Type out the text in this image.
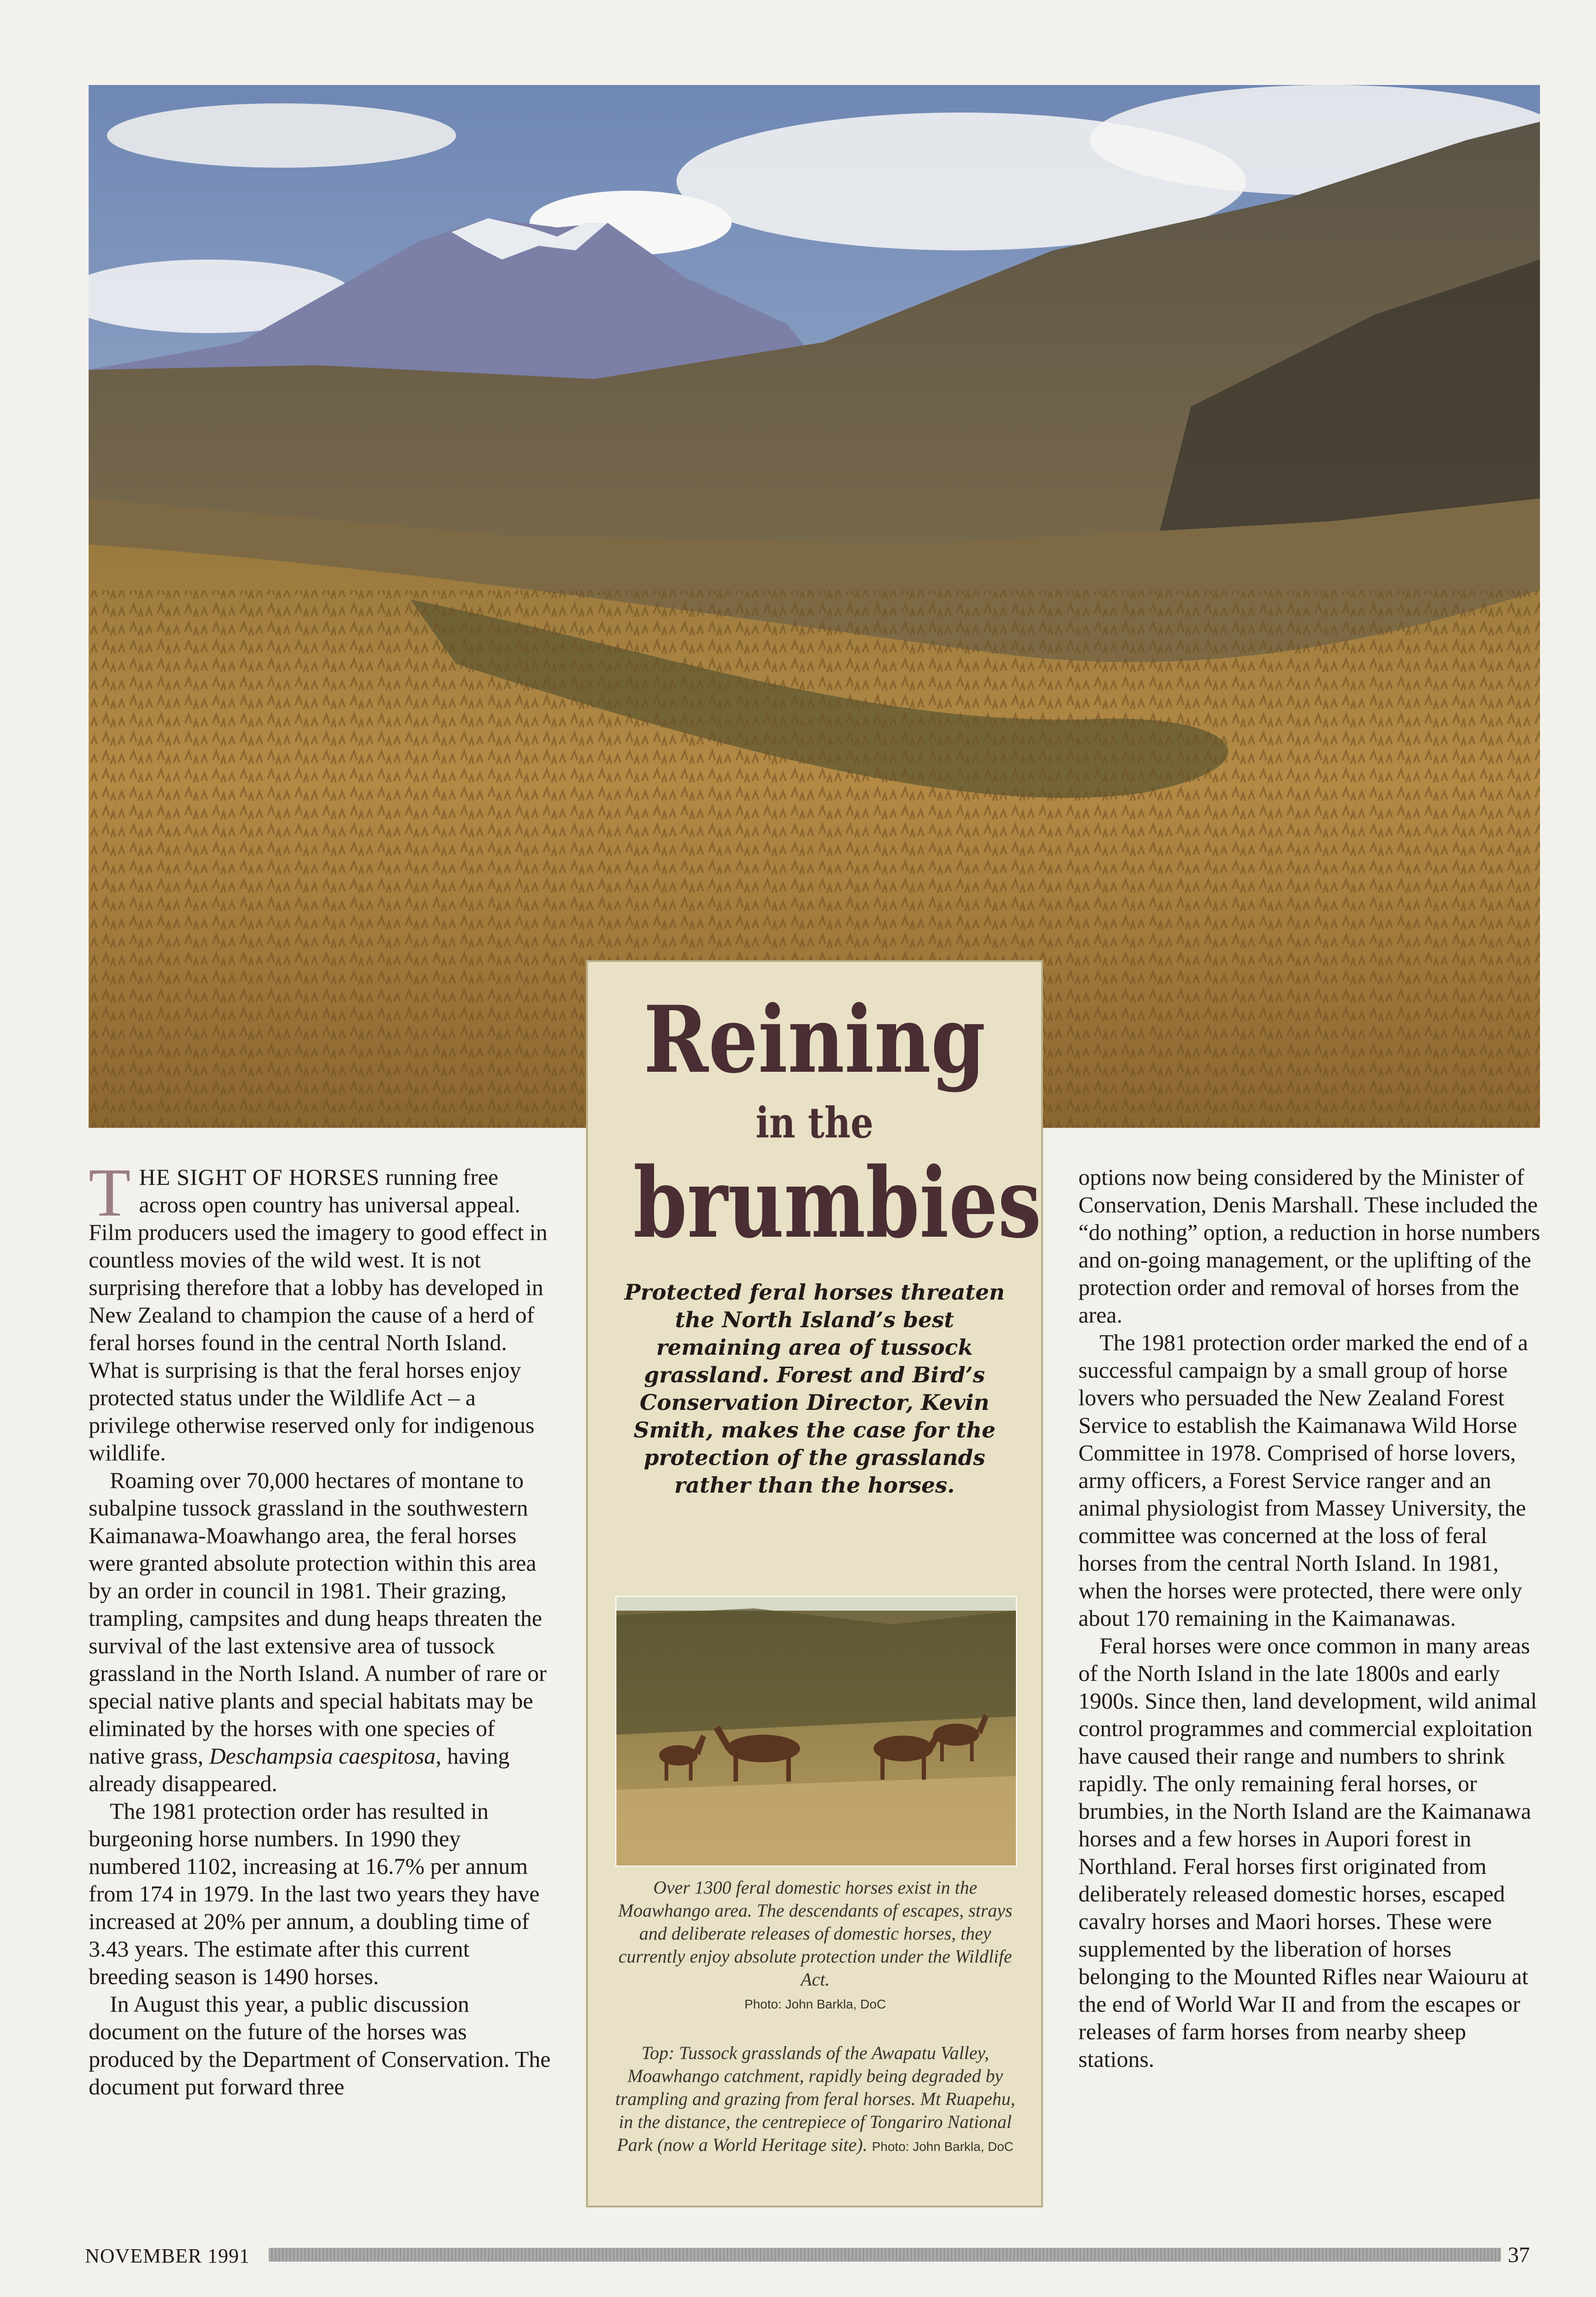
THE SIGHT OF HORSES running free across open country has universal appeal. Film producers used the imagery to good effect in countless movies of the wild west. It is not surprising therefore that a lobby has developed in New Zealand to champion the cause of a herd of feral horses found in the central North Island. What is surprising is that the feral horses enjoy protected status under the Wildlife Act – a privilege otherwise reserved only for indigenous wildlife.

Roaming over 70,000 hectares of montane to subalpine tussock grassland in the southwestern Kaimanawa-Moawhango area, the feral horses were granted absolute protection within this area by an order in council in 1981. Their grazing, trampling, campsites and dung heaps threaten the survival of the last extensive area of tussock grassland in the North Island. A number of rare or special native plants and special habitats may be eliminated by the horses with one species of native grass, Deschampsia caespitosa, having already disappeared.

The 1981 protection order has resulted in burgeoning horse numbers. In 1990 they numbered 1102, increasing at 16.7% per annum from 174 in 1979. In the last two years they have increased at 20% per annum, a doubling time of 3.43 years. The estimate after this current breeding season is 1490 horses.

In August this year, a public discussion document on the future of the horses was produced by the Department of Conservation. The document put forward three

Reining
in the
brumbies
Protected feral horses threaten the North Island’s best remaining area of tussock grassland. Forest and Bird’s Conservation Director, Kevin Smith, makes the case for the protection of the grasslands rather than the horses.
Over 1300 feral domestic horses exist in the Moawhango area. The descendants of escapes, strays and deliberate releases of domestic horses, they currently enjoy absolute protection under the Wildlife Act.
Photo: John Barkla, DoC
Top: Tussock grasslands of the Awapatu Valley, Moawhango catchment, rapidly being degraded by trampling and grazing from feral horses. Mt Ruapehu, in the distance, the centrepiece of Tongariro National Park (now a World Heritage site). Photo: John Barkla, DoC

options now being considered by the Minister of Conservation, Denis Marshall. These included the “do nothing” option, a reduction in horse numbers and on-going management, or the uplifting of the protection order and removal of horses from the area.

The 1981 protection order marked the end of a successful campaign by a small group of horse lovers who persuaded the New Zealand Forest Service to establish the Kaimanawa Wild Horse Committee in 1978. Comprised of horse lovers, army officers, a Forest Service ranger and an animal physiologist from Massey University, the committee was concerned at the loss of feral horses from the central North Island. In 1981, when the horses were protected, there were only about 170 remaining in the Kaimanawas.

Feral horses were once common in many areas of the North Island in the late 1800s and early 1900s. Since then, land development, wild animal control programmes and commercial exploitation have caused their range and numbers to shrink rapidly. The only remaining feral horses, or brumbies, in the North Island are the Kaimanawa horses and a few horses in Aupori forest in Northland. Feral horses first originated from deliberately released domestic horses, escaped cavalry horses and Maori horses. These were supplemented by the liberation of horses belonging to the Mounted Rifles near Waiouru at the end of World War II and from the escapes or releases of farm horses from nearby sheep stations.

NOVEMBER 1991	37
